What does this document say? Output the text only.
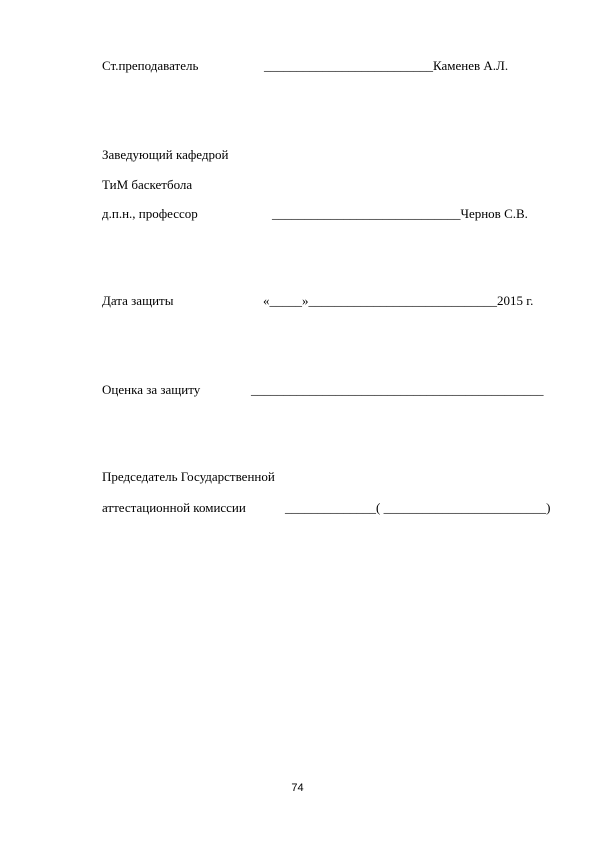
Ст.преподаватель	__________________________Каменев А.Л.
Заведующий кафедрой
ТиМ баскетбола
д.п.н., профессор	_____________________________Чернов С.В.
Дата защиты	«_____»_____________________________2015 г.
Оценка за защиту	_____________________________________________
Председатель Государственной
аттестационной комиссии	______________( _________________________)
74
